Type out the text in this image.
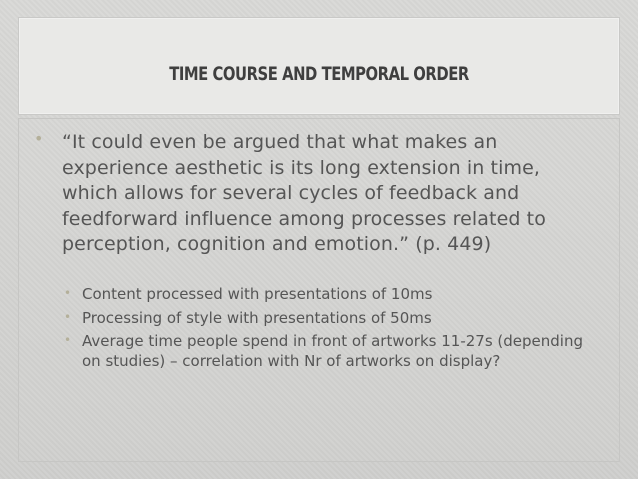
TIME COURSE AND TEMPORAL ORDER
• “It could even be argued that what makes an experience aesthetic is its long extension in time, which allows for several cycles of feedback and feedforward influence among processes related to perception, cognition and emotion.” (p. 449)
• Content processed with presentations of 10ms
• Processing of style with presentations of 50ms
• Average time people spend in front of artworks 11-27s (depending on studies) – correlation with Nr of artworks on display?
